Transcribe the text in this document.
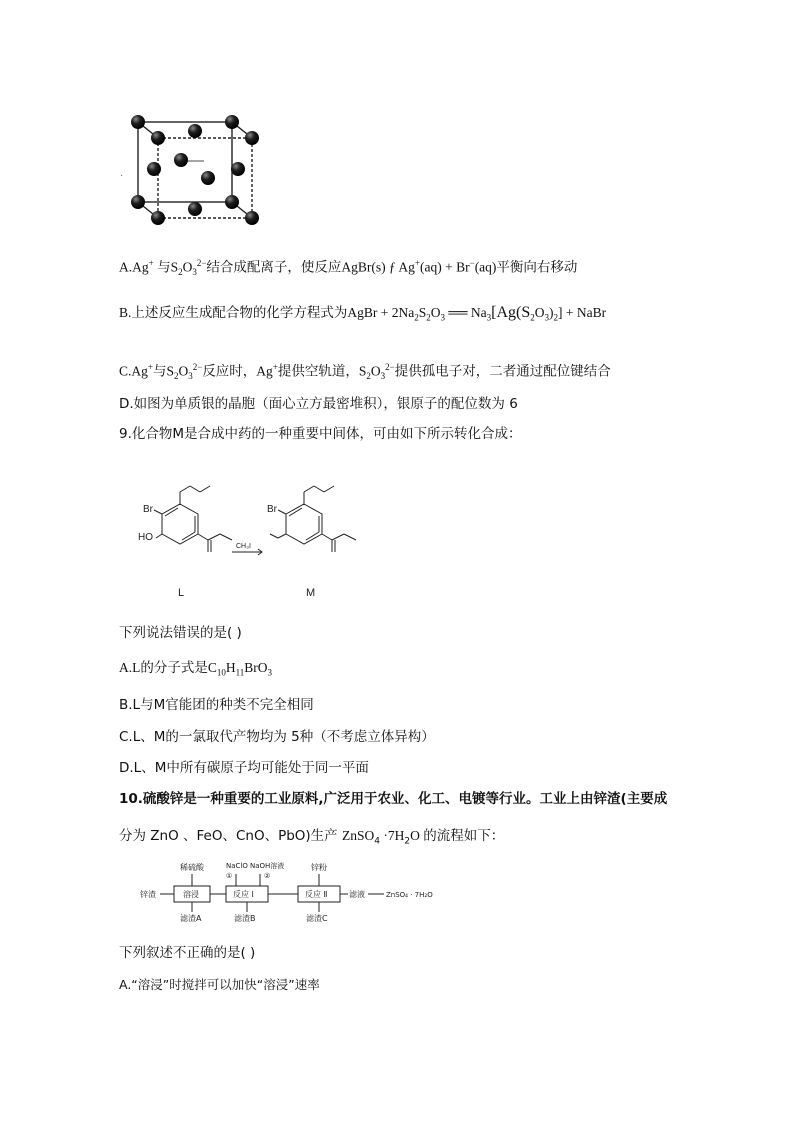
·
A.Ag+ 与$S_2O_3^{2-}$结合成配离子，使反应AgBr(s) ƒ Ag+(aq) + Br−(aq)平衡向右移动
B.上述反应生成配合物的化学方程式为AgBr + $2Na_2S_2O_3$ ══ $Na_3[Ag(S_2O_3)_2]$ + NaBr
C.Ag+与$S_2O_3^{2-}$反应时，Ag+提供空轨道，$S_2O_3^{2-}$提供孤电子对，二者通过配位键结合
D.如图为单质银的晶胞（面心立方最密堆积），银原子的配位数为 6
9.化合物M是合成中药的一种重要中间体，可由如下所示转化合成：
Br
HO
Br
CH₃I
L	M
下列说法错误的是( )
A.L的分子式是$C_{10}H_{11}BrO_3$
B.L与M官能团的种类不完全相同
C.L、M的一氯取代产物均为 5种（不考虑立体异构）
D.L、M中所有碳原子均可能处于同一平面
10.硫酸锌是一种重要的工业原料,广泛用于农业、化工、电镀等行业。工业上由锌渣(主要成
分为 ZnO 、FeO、CnO、PbO)生产 ZnSO$_4$ $\cdot 7H_2O$ 的流程如下：
锌渣
稀硫酸
溶浸
滤渣A
NaClO
①
NaOH溶液
②
反应 Ⅰ
滤渣B
锌粉
反应 Ⅱ
滤渣C
滤液	ZnSO₄ · 7H₂O
下列叙述不正确的是( )
A.“溶浸”时搅拌可以加快“溶浸”速率
